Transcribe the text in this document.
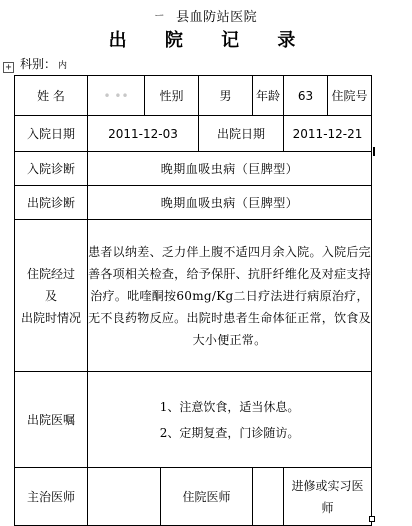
ㅡ 县血防站医院
出 院 记 录
科别： 内
+
姓 名	• ••	性别		男	年龄	63	住院号
入院日期	2011-12-03			出院日期		2011-12-21	
入院诊断	晚期血吸虫病（巨脾型）						
出院诊断	晚期血吸虫病（巨脾型）						
住院经过
及
出院时情况	患者以纳差、乏力伴上腹不适四月余入院。入院后完善各项相关检查，给予保肝、抗肝纤维化及对症支持治疗。吡喹酮按60mg/Kg二日疗法进行病原治疗，无不良药物反应。出院时患者生命体征正常，饮食及大小便正常。						
出院医嘱	1、注意饮食，适当休息。
2、定期复查，门诊随访。						

主治医师			住院医师			进修或实习医师	
